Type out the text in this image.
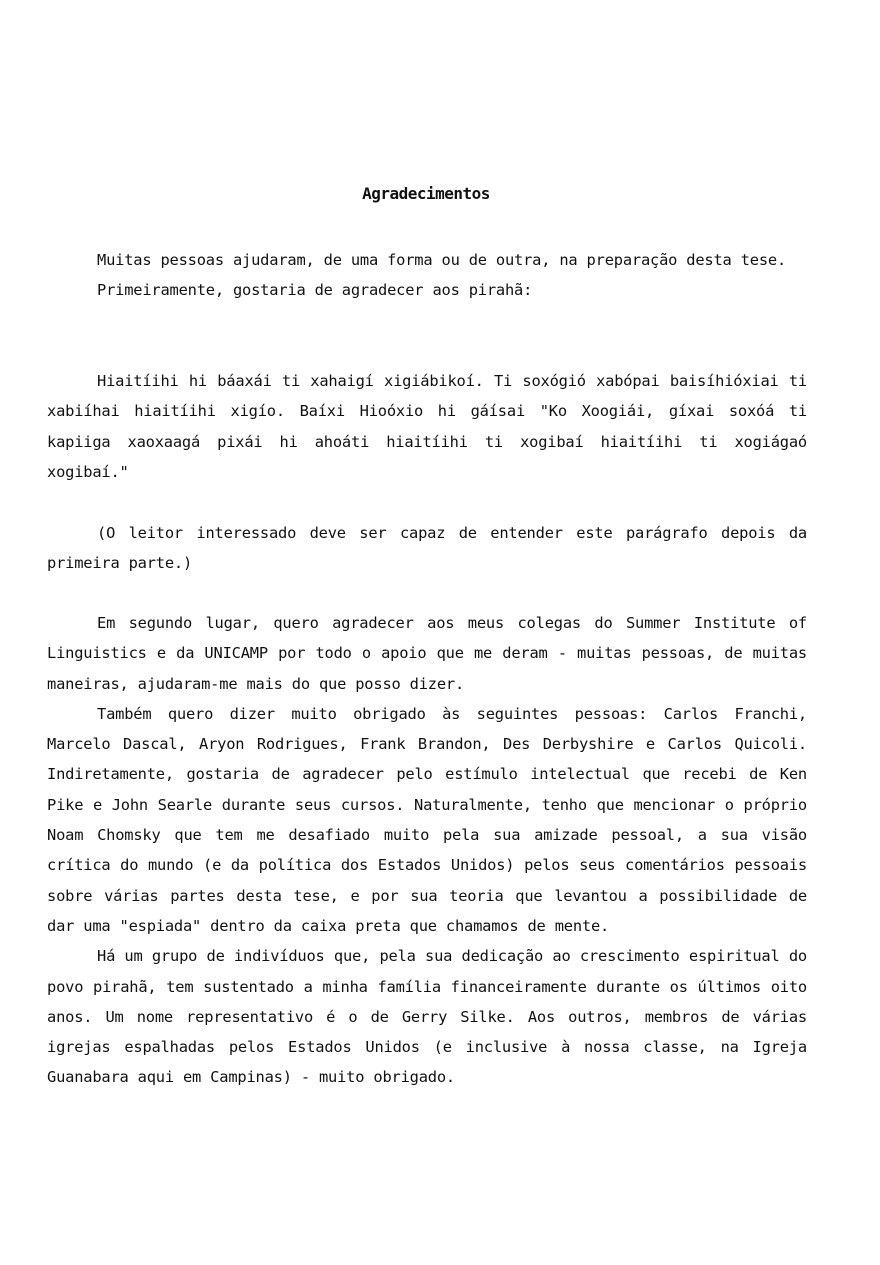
Agradecimentos

Muitas pessoas ajudaram, de uma forma ou de outra, na preparação desta tese.

Primeiramente, gostaria de agradecer aos pirahã:

Hiaitíihi hi báaxái ti xahaigí xigiábikoí. Ti soxógió xabópai baisíhióxiai ti xabiíhai hiaitíihi xigío. Baíxi Hioóxio hi gáísai "Ko Xoogiái, gíxai soxóá ti kapiiga xaoxaagá pixái hi ahoáti hiaitíihi ti xogibaí hiaitíihi ti xogiágaó xogibaí."

(O leitor interessado deve ser capaz de entender este parágrafo depois da primeira parte.)

Em segundo lugar, quero agradecer aos meus colegas do Summer Institute of Linguistics e da UNICAMP por todo o apoio que me deram - muitas pessoas, de muitas maneiras, ajudaram-me mais do que posso dizer.

Também quero dizer muito obrigado às seguintes pessoas: Carlos Franchi, Marcelo Dascal, Aryon Rodrigues, Frank Brandon, Des Derbyshire e Carlos Quicoli. Indiretamente, gostaria de agradecer pelo estímulo intelectual que recebi de Ken Pike e John Searle durante seus cursos. Naturalmente, tenho que mencionar o próprio Noam Chomsky que tem me desafiado muito pela sua amizade pessoal, a sua visão crítica do mundo (e da política dos Estados Unidos) pelos seus comentários pessoais sobre várias partes desta tese, e por sua teoria que levantou a possibilidade de dar uma "espiada" dentro da caixa preta que chamamos de mente.

Há um grupo de indivíduos que, pela sua dedicação ao crescimento espiritual do povo pirahã, tem sustentado a minha família financeiramente durante os últimos oito anos. Um nome representativo é o de Gerry Silke. Aos outros, membros de várias igrejas espalhadas pelos Estados Unidos (e inclusive à nossa classe, na Igreja Guanabara aqui em Campinas) - muito obrigado.
